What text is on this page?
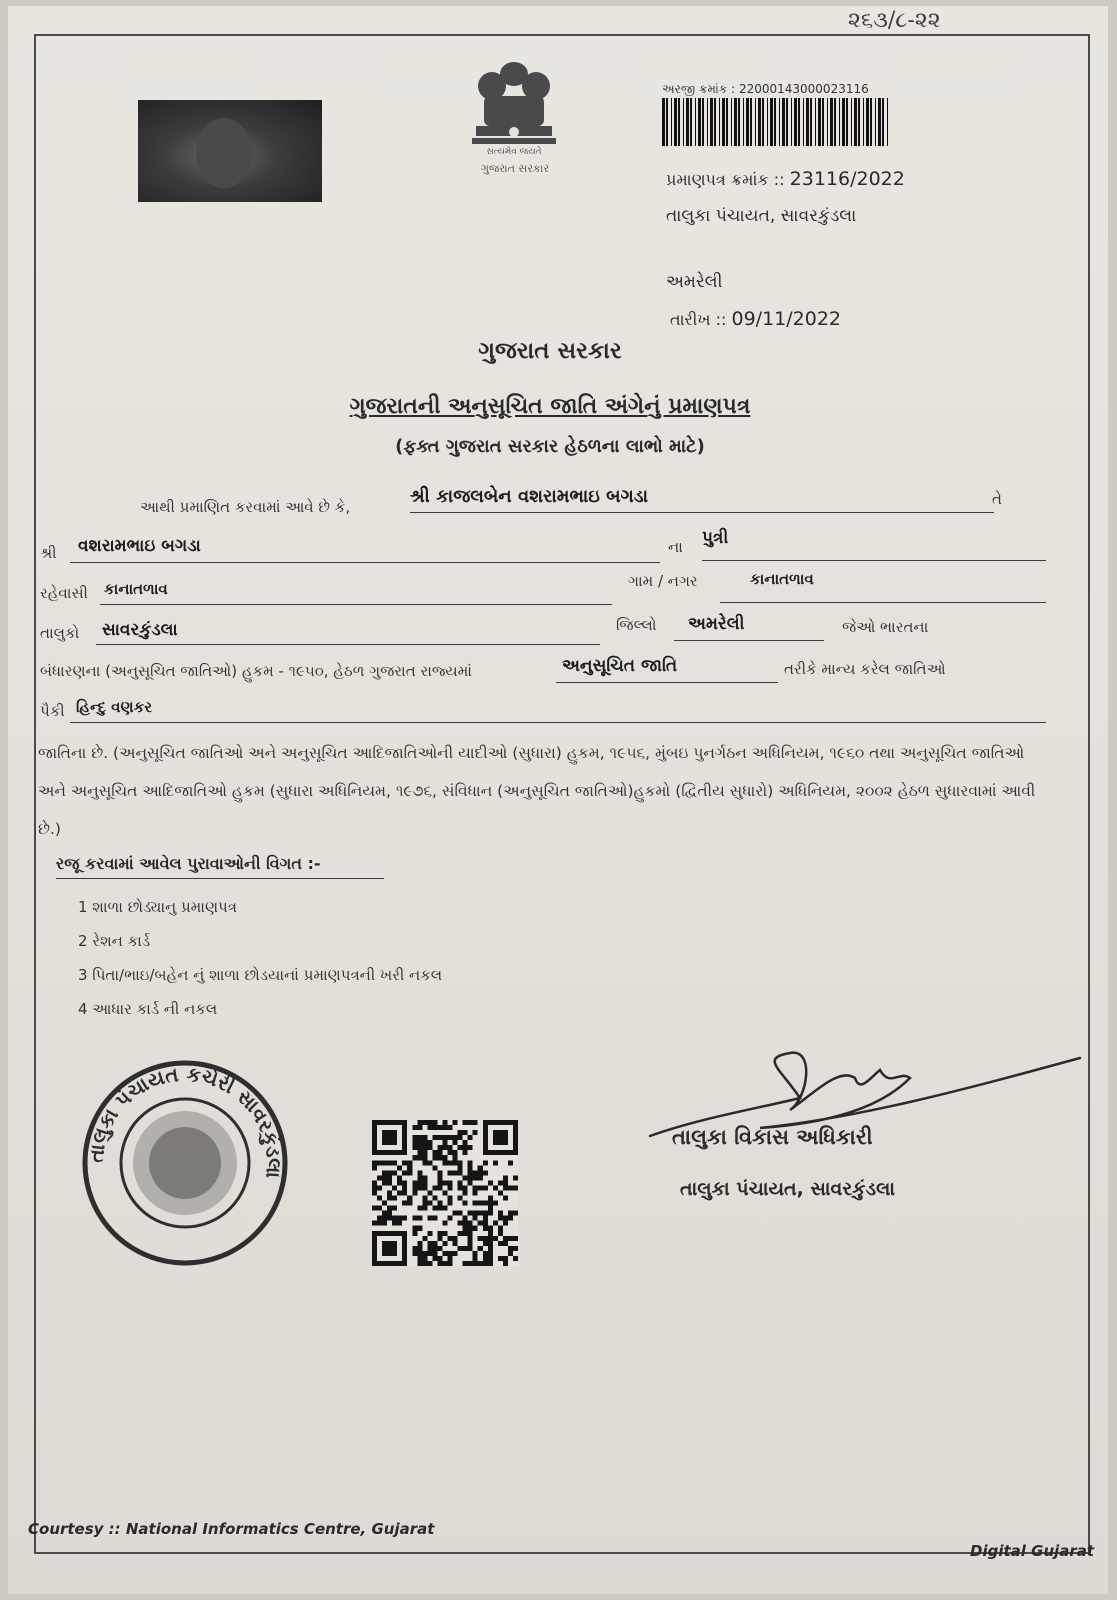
૨૬૩/૮-૨૨
સત્યમેવ જયતે
ગુજરાત સરકાર
અરજી ક્રમાંક : 22000143000023116
પ્રમાણપત્ર ક્રમાંક :: 23116/2022
તાલુકા પંચાયત, સાવરકુંડલા
અમરેલી
તારીખ :: 09/11/2022
ગુજરાત સરકાર
ગુજરાતની અનુસૂચિત જાતિ અંગેનું પ્રમાણપત્ર
(ફક્ત ગુજરાત સરકાર હેઠળના લાભો માટે)
આથી પ્રમાણિત કરવામાં આવે છે કે,	શ્રી કાજલબેન વશરામભાઇ બગડા	તે
શ્રી વશરામભાઇ બગડા	ના પુત્રી
રહેવાસી કાનાતળાવ	ગામ / નગર	કાનાતળાવ
તાલુકો સાવરકુંડલા	જિલ્લો અમરેલી	જેઓ ભારતના
બંધારણના (અનુસૂચિત જાતિઓ) હુકમ - ૧૯૫૦, હેઠળ ગુજરાત રાજ્યમાં	અનુસૂચિત જાતિ	તરીકે માન્ય કરેલ જાતિઓ
પૈકી હિન્દુ વણકર
જાતિના છે. (અનુસૂચિત જાતિઓ અને અનુસૂચિત આદિજાતિઓની યાદીઓ (સુધારા) હુકમ, ૧૯૫૬, મુંબઇ પુનર્ગઠન અધિનિયમ, ૧૯૬૦ તથા અનુસૂચિત જાતિઓ અને અનુસૂચિત આદિજાતિઓ હુકમ (સુધારા અધિનિયમ, ૧૯૭૬, સંવિધાન (અનુસૂચિત જાતિઓ)હુકમો (દ્વિતીય સુધારો) અધિનિયમ, ૨૦૦૨ હેઠળ સુધારવામાં આવી છે.)
રજૂ કરવામાં આવેલ પુરાવાઓની વિગત :-
1 શાળા છોડ્યાનુ પ્રમાણપત્ર
2 રેશન કાર્ડ
3 પિતા/ભાઇ/બહેન નું શાળા છોડયાનાં પ્રમાણપત્રની ખરી નકલ
4 આધાર કાર્ડ ની નકલ
તાલુકા પંચાયત કચેરી સાવરકુંડલા
તાલુકા વિકાસ અધિકારી
તાલુકા પંચાયત, સાવરકુંડલા
Courtesy :: National Informatics Centre, Gujarat
Digital Gujarat
